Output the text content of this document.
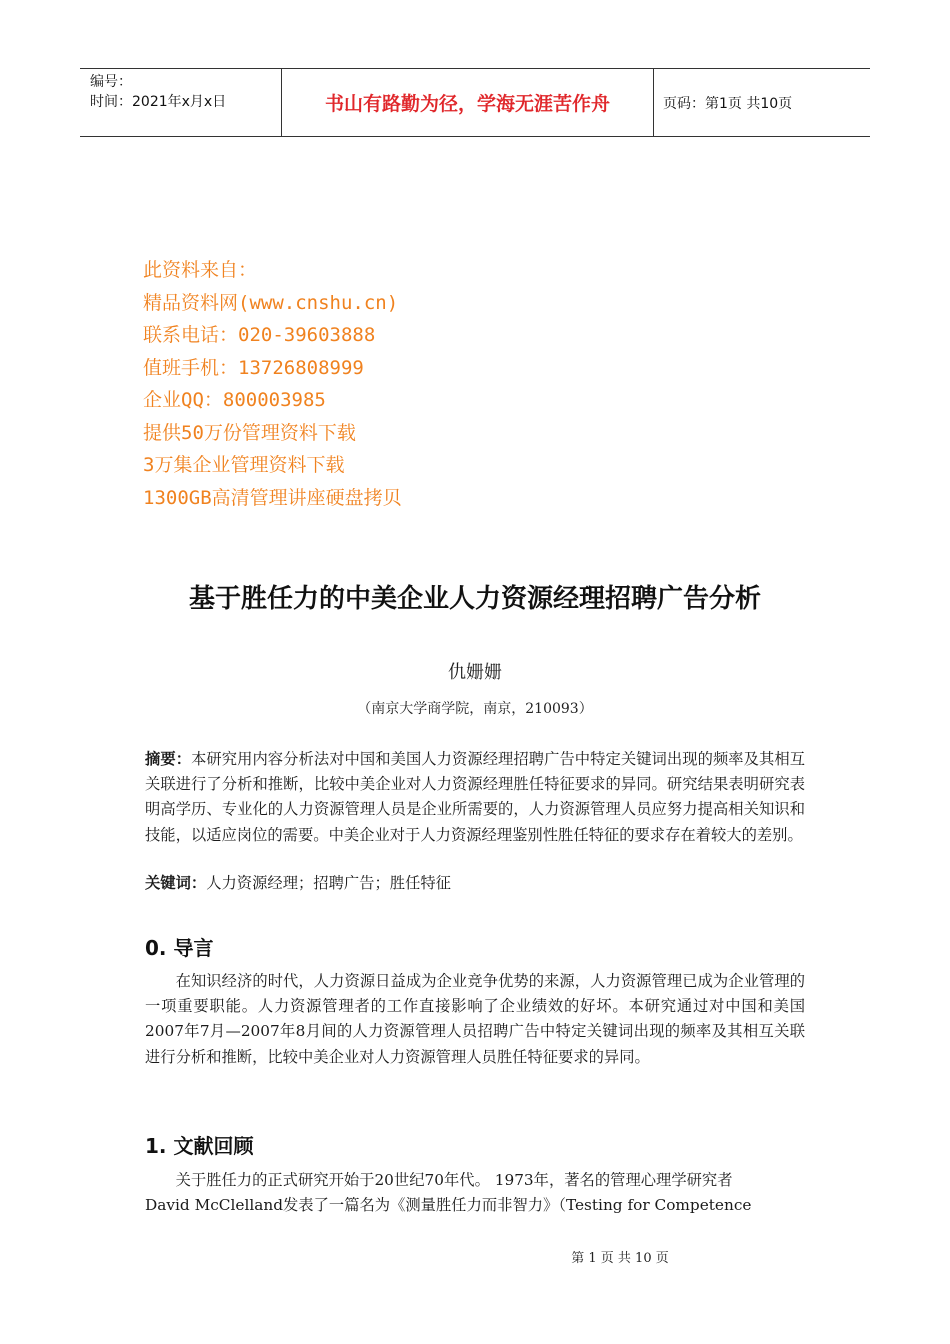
编号：
时间：2021年x月x日	书山有路勤为径，学海无涯苦作舟	页码：第1页 共10页
此资料来自：
精品资料网(www.cnshu.cn)
联系电话：020-39603888
值班手机：13726808999
企业QQ：800003985
提供50万份管理资料下载
3万集企业管理资料下载
1300GB高清管理讲座硬盘拷贝
基于胜任力的中美企业人力资源经理招聘广告分析
仇姗姗
（南京大学商学院，南京，210093）
摘要：本研究用内容分析法对中国和美国人力资源经理招聘广告中特定关键词出现的频率及其相互关联进行了分析和推断，比较中美企业对人力资源经理胜任特征要求的异同。研究结果表明研究表明高学历、专业化的人力资源管理人员是企业所需要的，人力资源管理人员应努力提高相关知识和技能，以适应岗位的需要。中美企业对于人力资源经理鉴别性胜任特征的要求存在着较大的差别。
关键词：人力资源经理；招聘广告；胜任特征
0. 导言
在知识经济的时代，人力资源日益成为企业竞争优势的来源，人力资源管理已成为企业管理的一项重要职能。人力资源管理者的工作直接影响了企业绩效的好坏。本研究通过对中国和美国2007年7月—2007年8月间的人力资源管理人员招聘广告中特定关键词出现的频率及其相互关联进行分析和推断，比较中美企业对人力资源管理人员胜任特征要求的异同。
1. 文献回顾
关于胜任力的正式研究开始于20世纪70年代。 1973年，著名的管理心理学研究者
David McClelland发表了一篇名为《测量胜任力而非智力》（Testing for Competence
第 1 页 共 10 页
